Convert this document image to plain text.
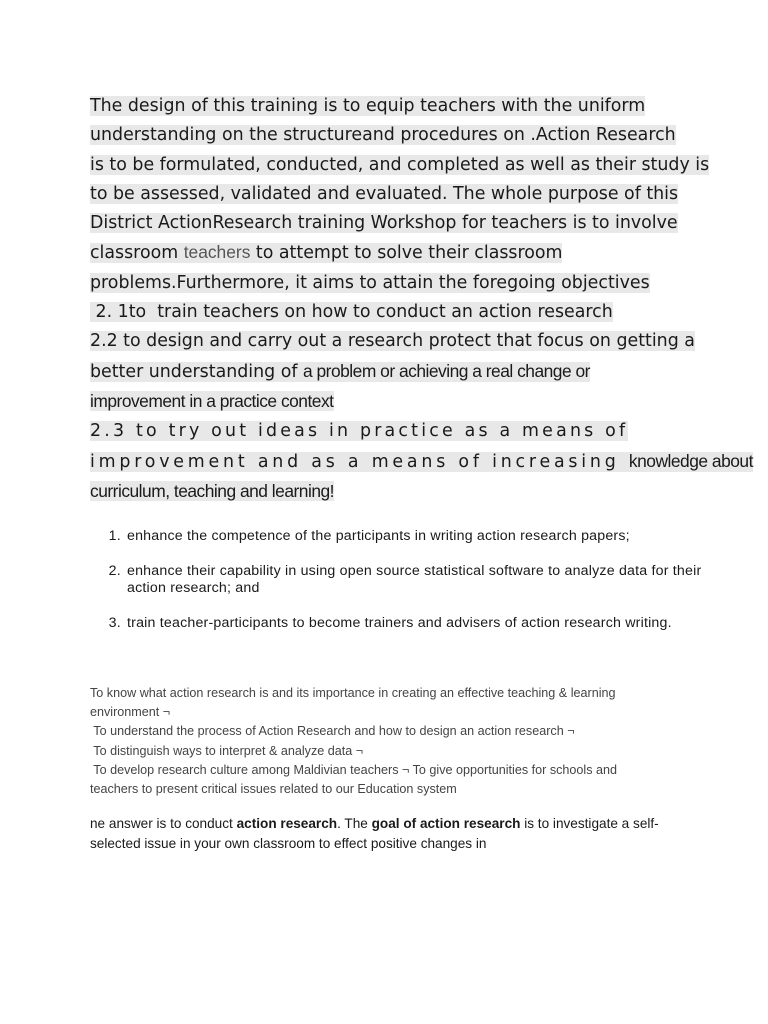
The design of this training is to equip teachers with the uniform
understanding on the structureand procedures on .Action Research
is to be formulated, conducted, and completed as well as their study is
to be assessed, validated and evaluated. The whole purpose of this
District ActionResearch training Workshop for teachers is to involve
classroom teachers to attempt to solve their classroom
problems.Furthermore, it aims to attain the foregoing objectives
2. 1to  train teachers on how to conduct an action research
2.2 to design and carry out a research protect that focus on getting a
better understanding of a problem or achieving a real change or
improvement in a practice context
2.3 to try out ideas in practice as a means of
improvement and as a means of increasing knowledge about
curriculum, teaching and learning!
1. enhance the competence of the participants in writing action research papers;
2. enhance their capability in using open source statistical software to analyze data for their action research; and
3. train teacher-participants to become trainers and advisers of action research writing.
To know what action research is and its importance in creating an effective teaching & learning
environment ¬
To understand the process of Action Research and how to design an action research ¬
To distinguish ways to interpret & analyze data ¬
To develop research culture among Maldivian teachers ¬ To give opportunities for schools and
teachers to present critical issues related to our Education system
ne answer is to conduct action research. The goal of action research is to investigate a self-selected issue in your own classroom to effect positive changes in
